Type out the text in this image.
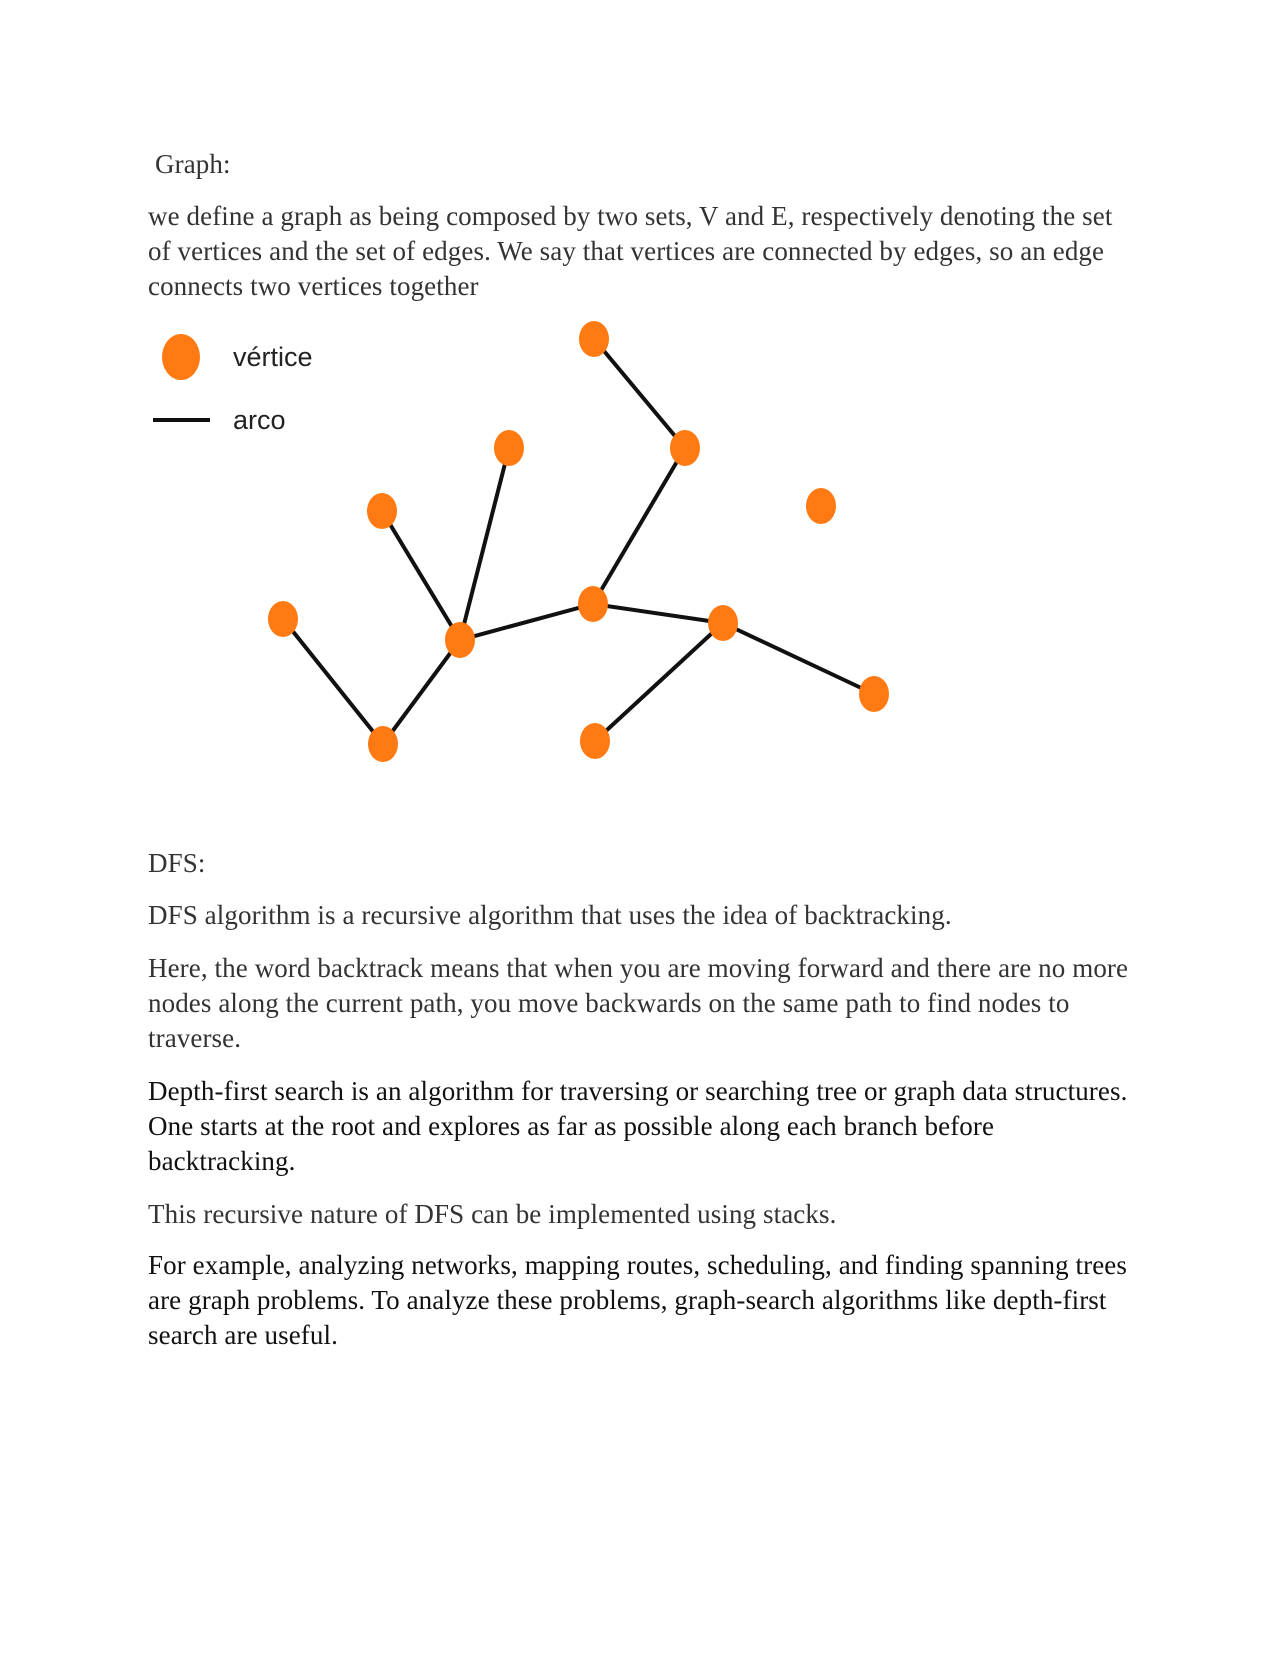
Graph:

we define a graph as being composed by two sets, V and E, respectively denoting the set of vertices and the set of edges. We say that vertices are connected by edges, so an edge connects two vertices together

vértice
arco

DFS:

DFS algorithm is a recursive algorithm that uses the idea of backtracking.

Here, the word backtrack means that when you are moving forward and there are no more nodes along the current path, you move backwards on the same path to find nodes to traverse.

Depth-first search is an algorithm for traversing or searching tree or graph data structures. One starts at the root and explores as far as possible along each branch before backtracking.

This recursive nature of DFS can be implemented using stacks.

For example, analyzing networks, mapping routes, scheduling, and finding spanning trees are graph problems. To analyze these problems, graph-search algorithms like depth-first search are useful.
